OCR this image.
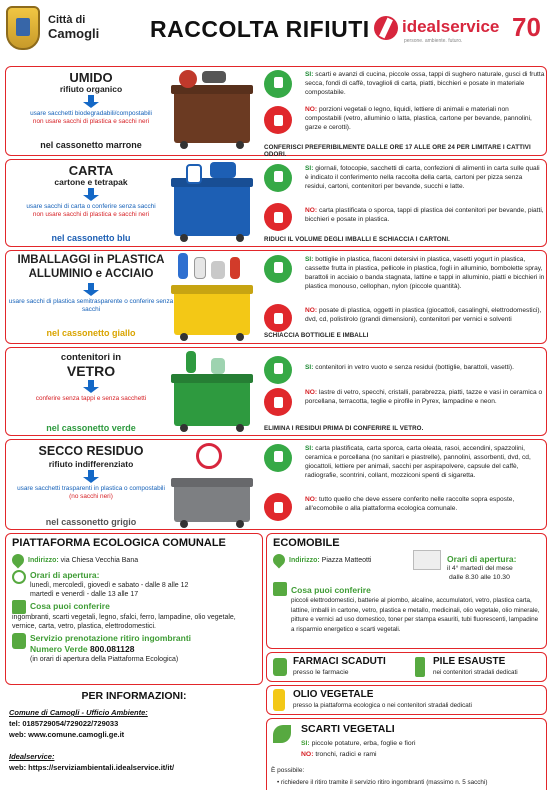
Città di
Camogli RACCOLTA RIFIUTI idealservice
persone. ambiente. futuro. 70
UMIDO
rifiuto organico
usare sacchetti biodegradabili/compostabili
non usare sacchi di plastica e sacchi neri
nel cassonetto marrone
SI: scarti e avanzi di cucina, piccole ossa, tappi di sughero naturale, gusci di frutta secca, fondi di caffè, tovaglioli di carta, piatti, bicchieri e posate in materiale compostabile.
NO: porzioni vegetali o legno, liquidi, lettiere di animali e materiali non compostabili (vetro, alluminio o latta, plastica, cartone per bevande, pannolini, garze e cerotti).
CONFERISCI PREFERIBILMENTE DALLE ORE 17 ALLE ORE 24 PER LIMITARE I CATTIVI ODORI.
CARTA
cartone e tetrapak
usare sacchi di carta o conferire senza sacchi
non usare sacchi di plastica e sacchi neri
nel cassonetto blu
SI: giornali, fotocopie, sacchetti di carta, confezioni di alimenti in carta sulle quali è indicato il conferimento nella raccolta della carta, cartoni per pizza senza residui, cartoni, contenitori per bevande, succhi e latte.
NO: carta plastificata o sporca, tappi di plastica dei contenitori per bevande, piatti, bicchieri e posate in plastica.
RIDUCI IL VOLUME DEGLI IMBALLI E SCHIACCIA I CARTONI.
IMBALLAGGI in PLASTICA
ALLUMINIO e ACCIAIO
usare sacchi di plastica semitrasparente o conferire senza sacchi
nel cassonetto giallo
SI: bottiglie in plastica, flaconi detersivi in plastica, vasetti yogurt in plastica, cassette frutta in plastica, pellicole in plastica, fogli in alluminio, bombolette spray, barattoli in acciaio o banda stagnata, lattine e tappi in alluminio, piatti e bicchieri in plastica monouso, cellophan, nylon (piccole quantità).
NO: posate di plastica, oggetti in plastica (giocattoli, casalinghi, elettrodomestici), dvd, cd, polistirolo (grandi dimensioni), contenitori per vernici e solventi
SCHIACCIA BOTTIGLIE E IMBALLI
contenitori in
VETRO
conferire senza tappi e senza sacchetti
nel cassonetto verde
SI: contenitori in vetro vuoto e senza residui (bottiglie, barattoli, vasetti).
NO: lastre di vetro, specchi, cristalli, parabrezza, piatti, tazze e vasi in ceramica o porcellana, terracotta, teglie e pirofile in Pyrex, lampadine e neon.
ELIMINA I RESIDUI PRIMA DI CONFERIRE IL VETRO.
SECCO RESIDUO
rifiuto indifferenziato
usare sacchetti trasparenti in plastica o compostabili
(no sacchi neri)
nel cassonetto grigio
SI: carta plastificata, carta sporca, carta oleata, rasoi, accendini, spazzolini, ceramica e porcellana (no sanitari e piastrelle), pannolini, assorbenti, dvd, cd, giocattoli, lettiere per animali, sacchi per aspirapolvere, capsule del caffè, radiografie, scontrini, collant, mozziconi spenti di sigaretta.
NO: tutto quello che deve essere conferito nelle raccolte sopra esposte, all'ecomobile o alla piattaforma ecologica comunale.
PIATTAFORMA ECOLOGICA COMUNALE
Indirizzo: via Chiesa Vecchia Bana
Orari di apertura:
lunedì, mercoledì, giovedì e sabato - dalle 8 alle 12
martedì e venerdì - dalle 13 alle 17
Cosa puoi conferire
ingombranti, scarti vegetali, legno, sfalci, ferro, lampadine, olio vegetale, vernice, carta, vetro, plastica, elettrodomestici.
Servizio prenotazione ritiro ingombranti
Numero Verde 800.081128
(in orari di apertura della Piattaforma Ecologica)
PER INFORMAZIONI:
Comune di Camogli - Ufficio Ambiente:
tel: 0185729054/729022/729033
web: www.comune.camogli.ge.it
Idealservice:
web: https://serviziambientali.idealservice.it/it/
ECOMOBILE
Indirizzo: Piazza Matteotti	Orari di apertura:
il 4° martedì del mese
dalle 8.30 alle 10.30
Cosa puoi conferire
piccoli elettrodomestici, batterie al piombo, alcaline, accumulatori, vetro, plastica carta, lattine, imballi in cartone, vetro, plastica e metallo, medicinali, olio vegetale, olio minerale, pitture e vernici ad uso domestico, toner per stampa esauriti, tubi fluorescenti, lampadine a risparmio energetico e scarti vegetali.
FARMACI SCADUTI
presso le farmacie
PILE ESAUSTE
nei contenitori stradali dedicati
OLIO VEGETALE
presso la piattaforma ecologica o nei contenitori stradali dedicati
SCARTI VEGETALI
SI: piccole potature, erba, foglie e fiori
NO: tronchi, radici e rami
È possibile:
• richiedere il ritiro tramite il servizio ritiro ingombranti (massimo n. 5 sacchi)
